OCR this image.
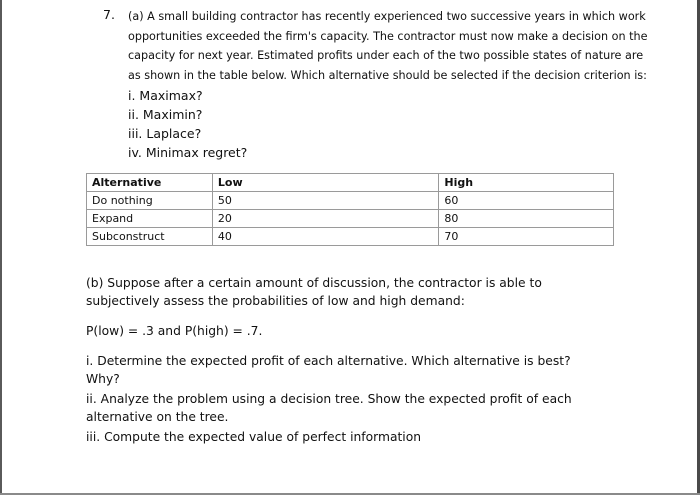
7. (a) A small building contractor has recently experienced two successive years in which work
opportunities exceeded the firm's capacity. The contractor must now make a decision on the
capacity for next year. Estimated profits under each of the two possible states of nature are
as shown in the table below. Which alternative should be selected if the decision criterion is:
i. Maximax?
ii. Maximin?
iii. Laplace?
iv. Minimax regret?
Alternative	Low	High
Do nothing	50	60
Expand	20	80
Subconstruct	40	70
(b) Suppose after a certain amount of discussion, the contractor is able to
subjectively assess the probabilities of low and high demand:
P(low) = .3 and P(high) = .7.
i. Determine the expected profit of each alternative. Which alternative is best?
Why?
ii. Analyze the problem using a decision tree. Show the expected profit of each
alternative on the tree.
iii. Compute the expected value of perfect information
